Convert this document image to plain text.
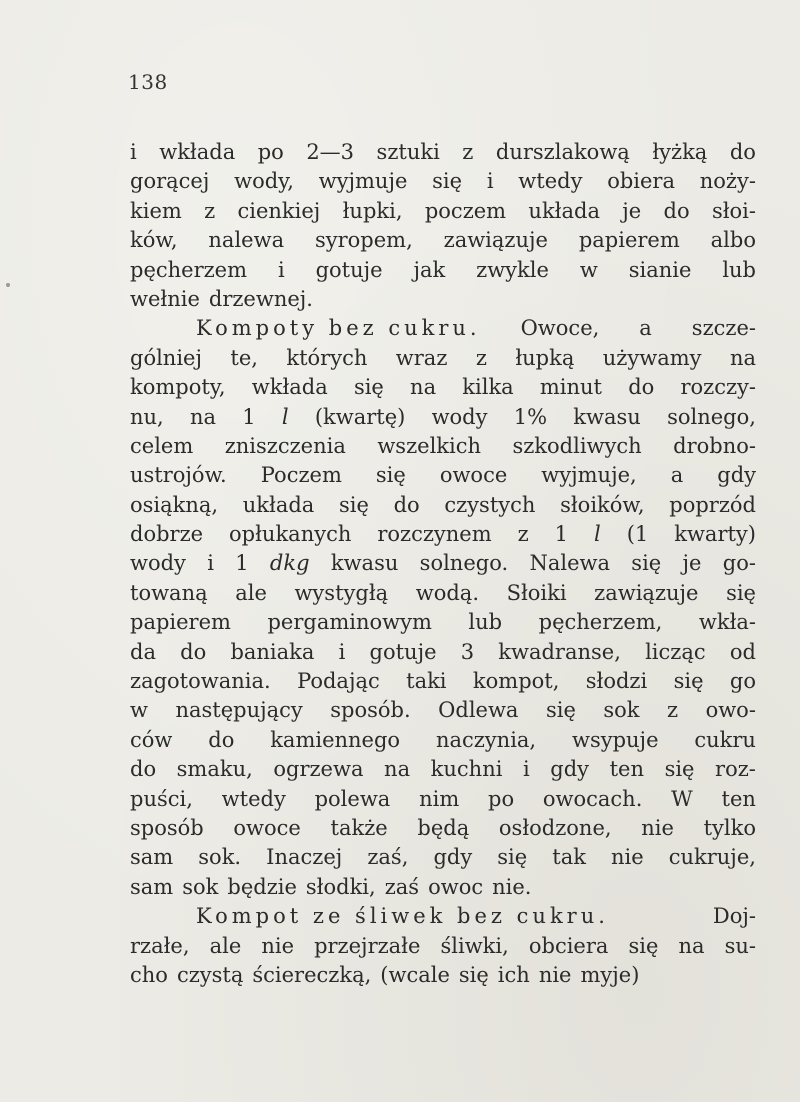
138
i wkłada po 2—3 sztuki z durszlakową łyżką do
gorącej wody, wyjmuje się i wtedy obiera noży-
kiem z cienkiej łupki, poczem układa je do słoi-
ków, nalewa syropem, zawiązuje papierem albo
pęcherzem i gotuje jak zwykle w sianie lub
wełnie drzewnej.
Kompoty bez cukru. Owoce, a szcze-
gólniej te, których wraz z łupką używamy na
kompoty, wkłada się na kilka minut do rozczy-
nu, na 1 l (kwartę) wody 1% kwasu solnego,
celem zniszczenia wszelkich szkodliwych drobno-
ustrojów. Poczem się owoce wyjmuje, a gdy
osiąkną, układa się do czystych słoików, poprzód
dobrze opłukanych rozczynem z 1 l (1 kwarty)
wody i 1 dkg kwasu solnego. Nalewa się je go-
towaną ale wystygłą wodą. Słoiki zawiązuje się
papierem pergaminowym lub pęcherzem, wkła-
da do baniaka i gotuje 3 kwadranse, licząc od
zagotowania. Podając taki kompot, słodzi się go
w następujący sposób. Odlewa się sok z owo-
ców do kamiennego naczynia, wsypuje cukru
do smaku, ogrzewa na kuchni i gdy ten się roz-
puści, wtedy polewa nim po owocach. W ten
sposób owoce także będą osłodzone, nie tylko
sam sok. Inaczej zaś, gdy się tak nie cukruje,
sam sok będzie słodki, zaś owoc nie.
Kompot ze śliwek bez cukru.	Doj-
rzałe, ale nie przejrzałe śliwki, obciera się na su-
cho czystą ściereczką, (wcale się ich nie myje)
